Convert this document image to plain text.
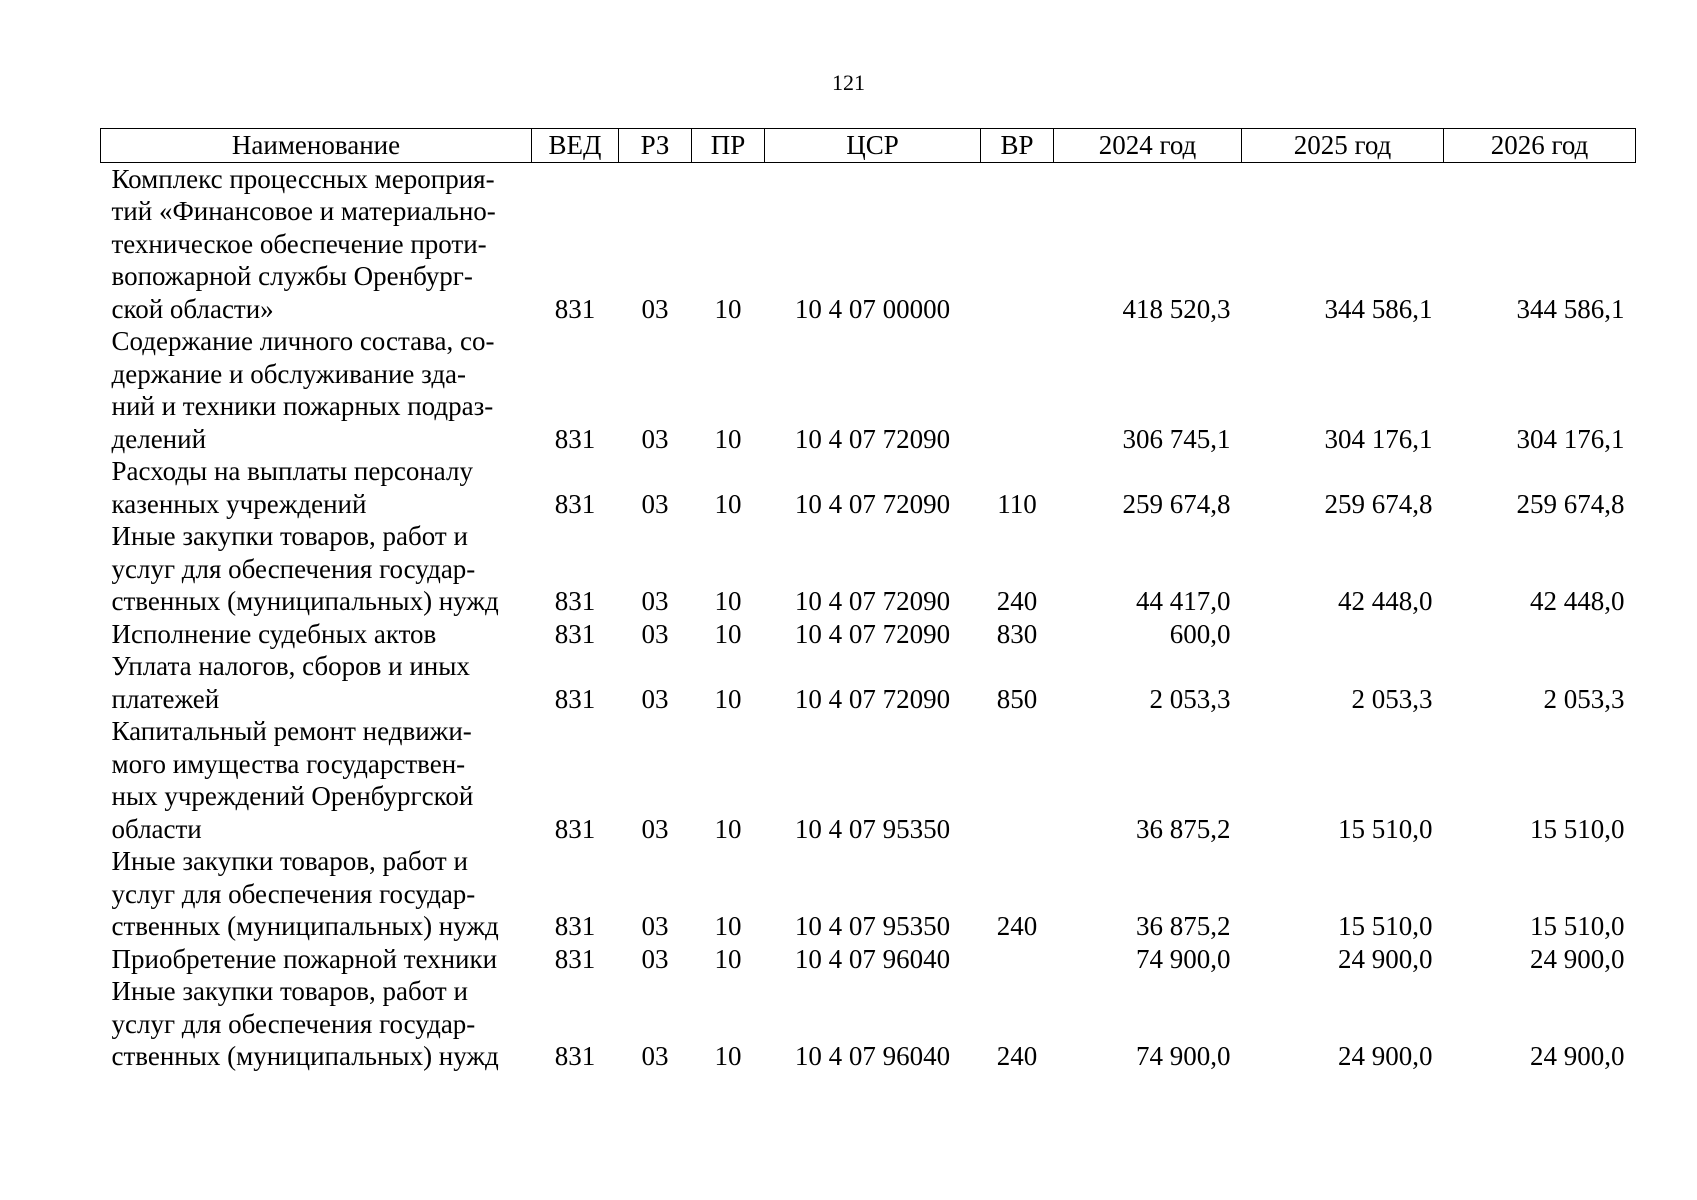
121
Наименование	ВЕД	РЗ	ПР	ЦСР	ВР	2024 год	2025 год	2026 год

Комплекс процессных мероприя-
тий «Финансовое и материально-
техническое обеспечение проти-
вопожарной службы Оренбург-
ской области»	831	03	10	10 4 07 00000		418 520,3	344 586,1	344 586,1

Содержание личного состава, со-
держание и обслуживание зда-
ний и техники пожарных подраз-
делений	831	03	10	10 4 07 72090		306 745,1	304 176,1	304 176,1

Расходы на выплаты персоналу
казенных учреждений	831	03	10	10 4 07 72090	110	259 674,8	259 674,8	259 674,8

Иные закупки товаров, работ и
услуг для обеспечения государ-
ственных (муниципальных) нужд	831	03	10	10 4 07 72090	240	44 417,0	42 448,0	42 448,0

Исполнение судебных актов	831	03	10	10 4 07 72090	830	600,0		

Уплата налогов, сборов и иных
платежей	831	03	10	10 4 07 72090	850	2 053,3	2 053,3	2 053,3

Капитальный ремонт недвижи-
мого имущества государствен-
ных учреждений Оренбургской
области	831	03	10	10 4 07 95350		36 875,2	15 510,0	15 510,0

Иные закупки товаров, работ и
услуг для обеспечения государ-
ственных (муниципальных) нужд	831	03	10	10 4 07 95350	240	36 875,2	15 510,0	15 510,0

Приобретение пожарной техники	831	03	10	10 4 07 96040		74 900,0	24 900,0	24 900,0

Иные закупки товаров, работ и
услуг для обеспечения государ-
ственных (муниципальных) нужд	831	03	10	10 4 07 96040	240	74 900,0	24 900,0	24 900,0
